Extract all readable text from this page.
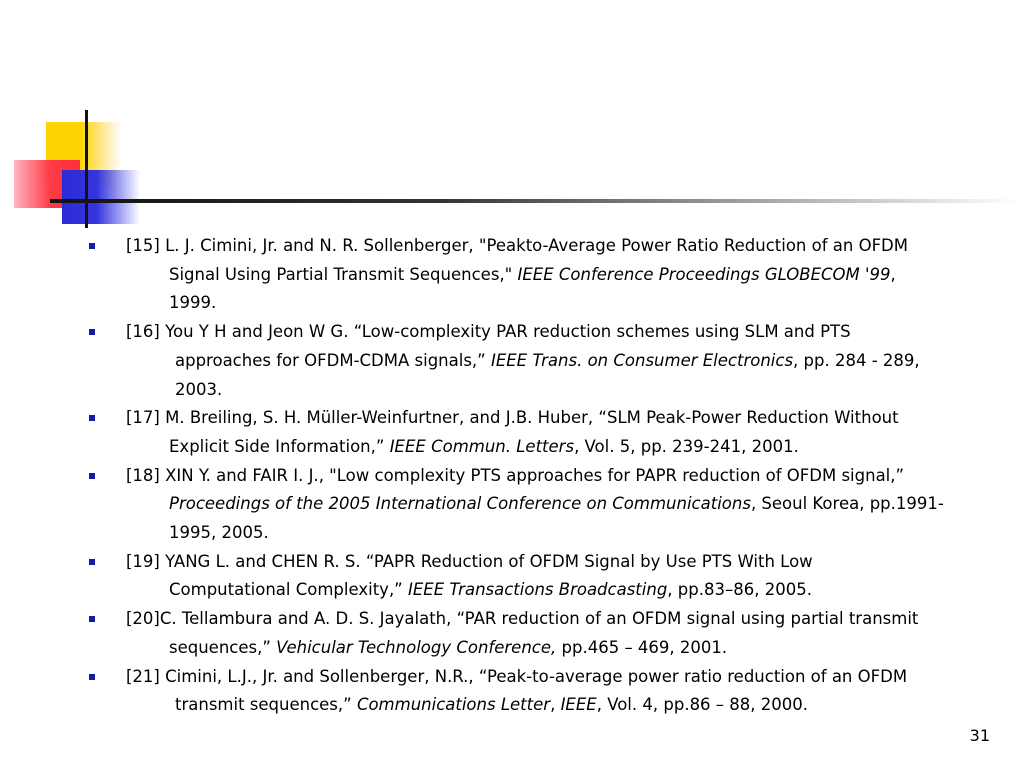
[15] L. J. Cimini, Jr. and N. R. Sollenberger, "Peakto-Average Power Ratio Reduction of an OFDM
Signal Using Partial Transmit Sequences," IEEE Conference Proceedings GLOBECOM '99,
1999.
[16] You Y H and Jeon W G. “Low-complexity PAR reduction schemes using SLM and PTS
approaches for OFDM-CDMA signals,” IEEE Trans. on Consumer Electronics, pp. 284 - 289,
2003.
[17] M. Breiling, S. H. Müller-Weinfurtner, and J.B. Huber, “SLM Peak-Power Reduction Without
Explicit Side Information,” IEEE Commun. Letters, Vol. 5, pp. 239-241, 2001.
[18] XIN Y. and FAIR I. J., "Low complexity PTS approaches for PAPR reduction of OFDM signal,”
Proceedings of the 2005 International Conference on Communications, Seoul Korea, pp.1991-
1995, 2005.
[19] YANG L. and CHEN R. S. “PAPR Reduction of OFDM Signal by Use PTS With Low
Computational Complexity,” IEEE Transactions Broadcasting, pp.83–86, 2005.
[20]C. Tellambura and A. D. S. Jayalath, “PAR reduction of an OFDM signal using partial transmit
sequences,” Vehicular Technology Conference, pp.465 – 469, 2001.
[21] Cimini, L.J., Jr. and Sollenberger, N.R., “Peak-to-average power ratio reduction of an OFDM
transmit sequences,” Communications Letter, IEEE, Vol. 4, pp.86 – 88, 2000.
31
